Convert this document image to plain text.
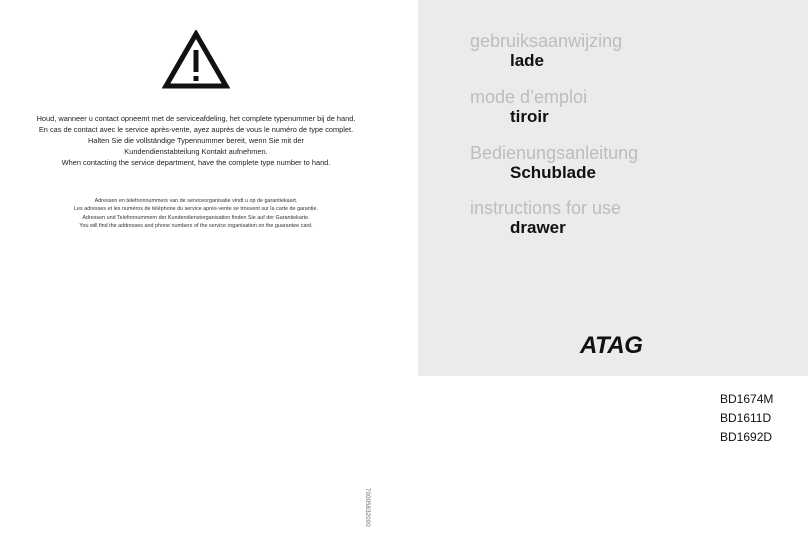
Houd, wanneer u contact opneemt met de serviceafdeling, het complete typenummer bij de hand.
En cas de contact avec le service après-vente, ayez auprès de vous le numéro de type complet.
Halten Sie die vollständige Typennummer bereit, wenn Sie mit der
Kundendienstabteilung Kontakt aufnehmen.
When contacting the service department, have the complete type number to hand.
Adressen en telefoonnummers van de serviceorganisatie vindt u op de garantiekaart.
Les adresses et les numéros de téléphone du service après-vente se trouvent sur la carte de garantie.
Adressen und Telefonnummern der Kundendienstorganisation finden Sie auf der Garantiekarte.
You will find the addresses and phone numbers of the service organisation on the guarantee card.
70005832000
gebruiksaanwijzing
lade
mode d’emploi
tiroir
Bedienungsanleitung
Schublade
instructions for use
drawer
ATAG
BD1674M
BD1611D
BD1692D
